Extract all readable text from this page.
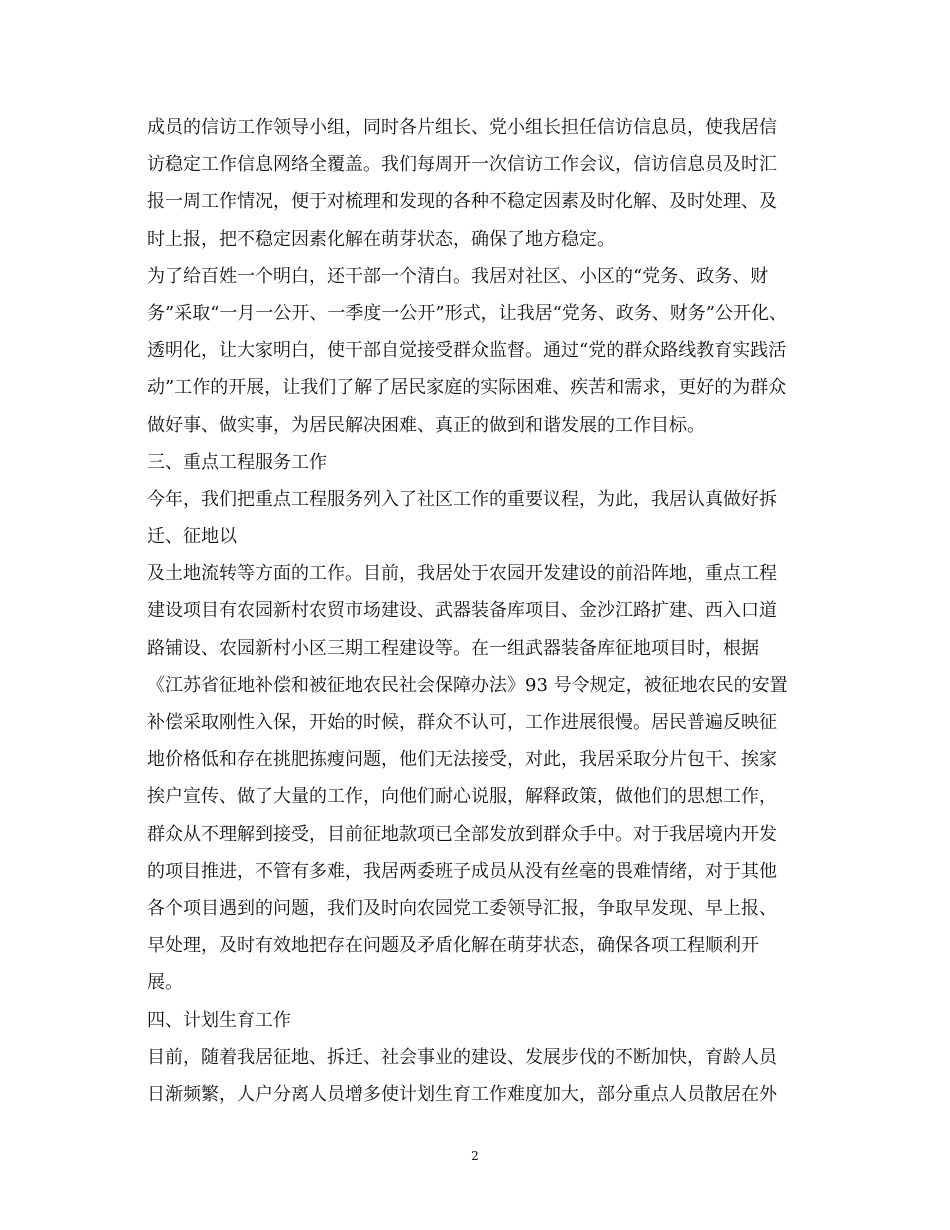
成员的信访工作领导小组，同时各片组长、党小组长担任信访信息员，使我居信
访稳定工作信息网络全覆盖。我们每周开一次信访工作会议，信访信息员及时汇
报一周工作情况，便于对梳理和发现的各种不稳定因素及时化解、及时处理、及
时上报，把不稳定因素化解在萌芽状态，确保了地方稳定。
为了给百姓一个明白，还干部一个清白。我居对社区、小区的“党务、政务、财
务”采取“一月一公开、一季度一公开”形式，让我居“党务、政务、财务”公开化、
透明化，让大家明白，使干部自觉接受群众监督。通过“党的群众路线教育实践活
动”工作的开展，让我们了解了居民家庭的实际困难、疾苦和需求，更好的为群众
做好事、做实事，为居民解决困难、真正的做到和谐发展的工作目标。
三、重点工程服务工作
今年，我们把重点工程服务列入了社区工作的重要议程，为此，我居认真做好拆
迁、征地以
及土地流转等方面的工作。目前，我居处于农园开发建设的前沿阵地，重点工程
建设项目有农园新村农贸市场建设、武器装备库项目、金沙江路扩建、西入口道
路铺设、农园新村小区三期工程建设等。在一组武器装备库征地项目时，根据
《江苏省征地补偿和被征地农民社会保障办法》93 号令规定，被征地农民的安置
补偿采取刚性入保，开始的时候，群众不认可，工作进展很慢。居民普遍反映征
地价格低和存在挑肥拣瘦问题，他们无法接受，对此，我居采取分片包干、挨家
挨户宣传、做了大量的工作，向他们耐心说服，解释政策，做他们的思想工作，
群众从不理解到接受，目前征地款项已全部发放到群众手中。对于我居境内开发
的项目推进，不管有多难，我居两委班子成员从没有丝毫的畏难情绪，对于其他
各个项目遇到的问题，我们及时向农园党工委领导汇报，争取早发现、早上报、
早处理，及时有效地把存在问题及矛盾化解在萌芽状态，确保各项工程顺利开
展。
四、计划生育工作
目前，随着我居征地、拆迁、社会事业的建设、发展步伐的不断加快，育龄人员
日渐频繁，人户分离人员增多使计划生育工作难度加大，部分重点人员散居在外
2
